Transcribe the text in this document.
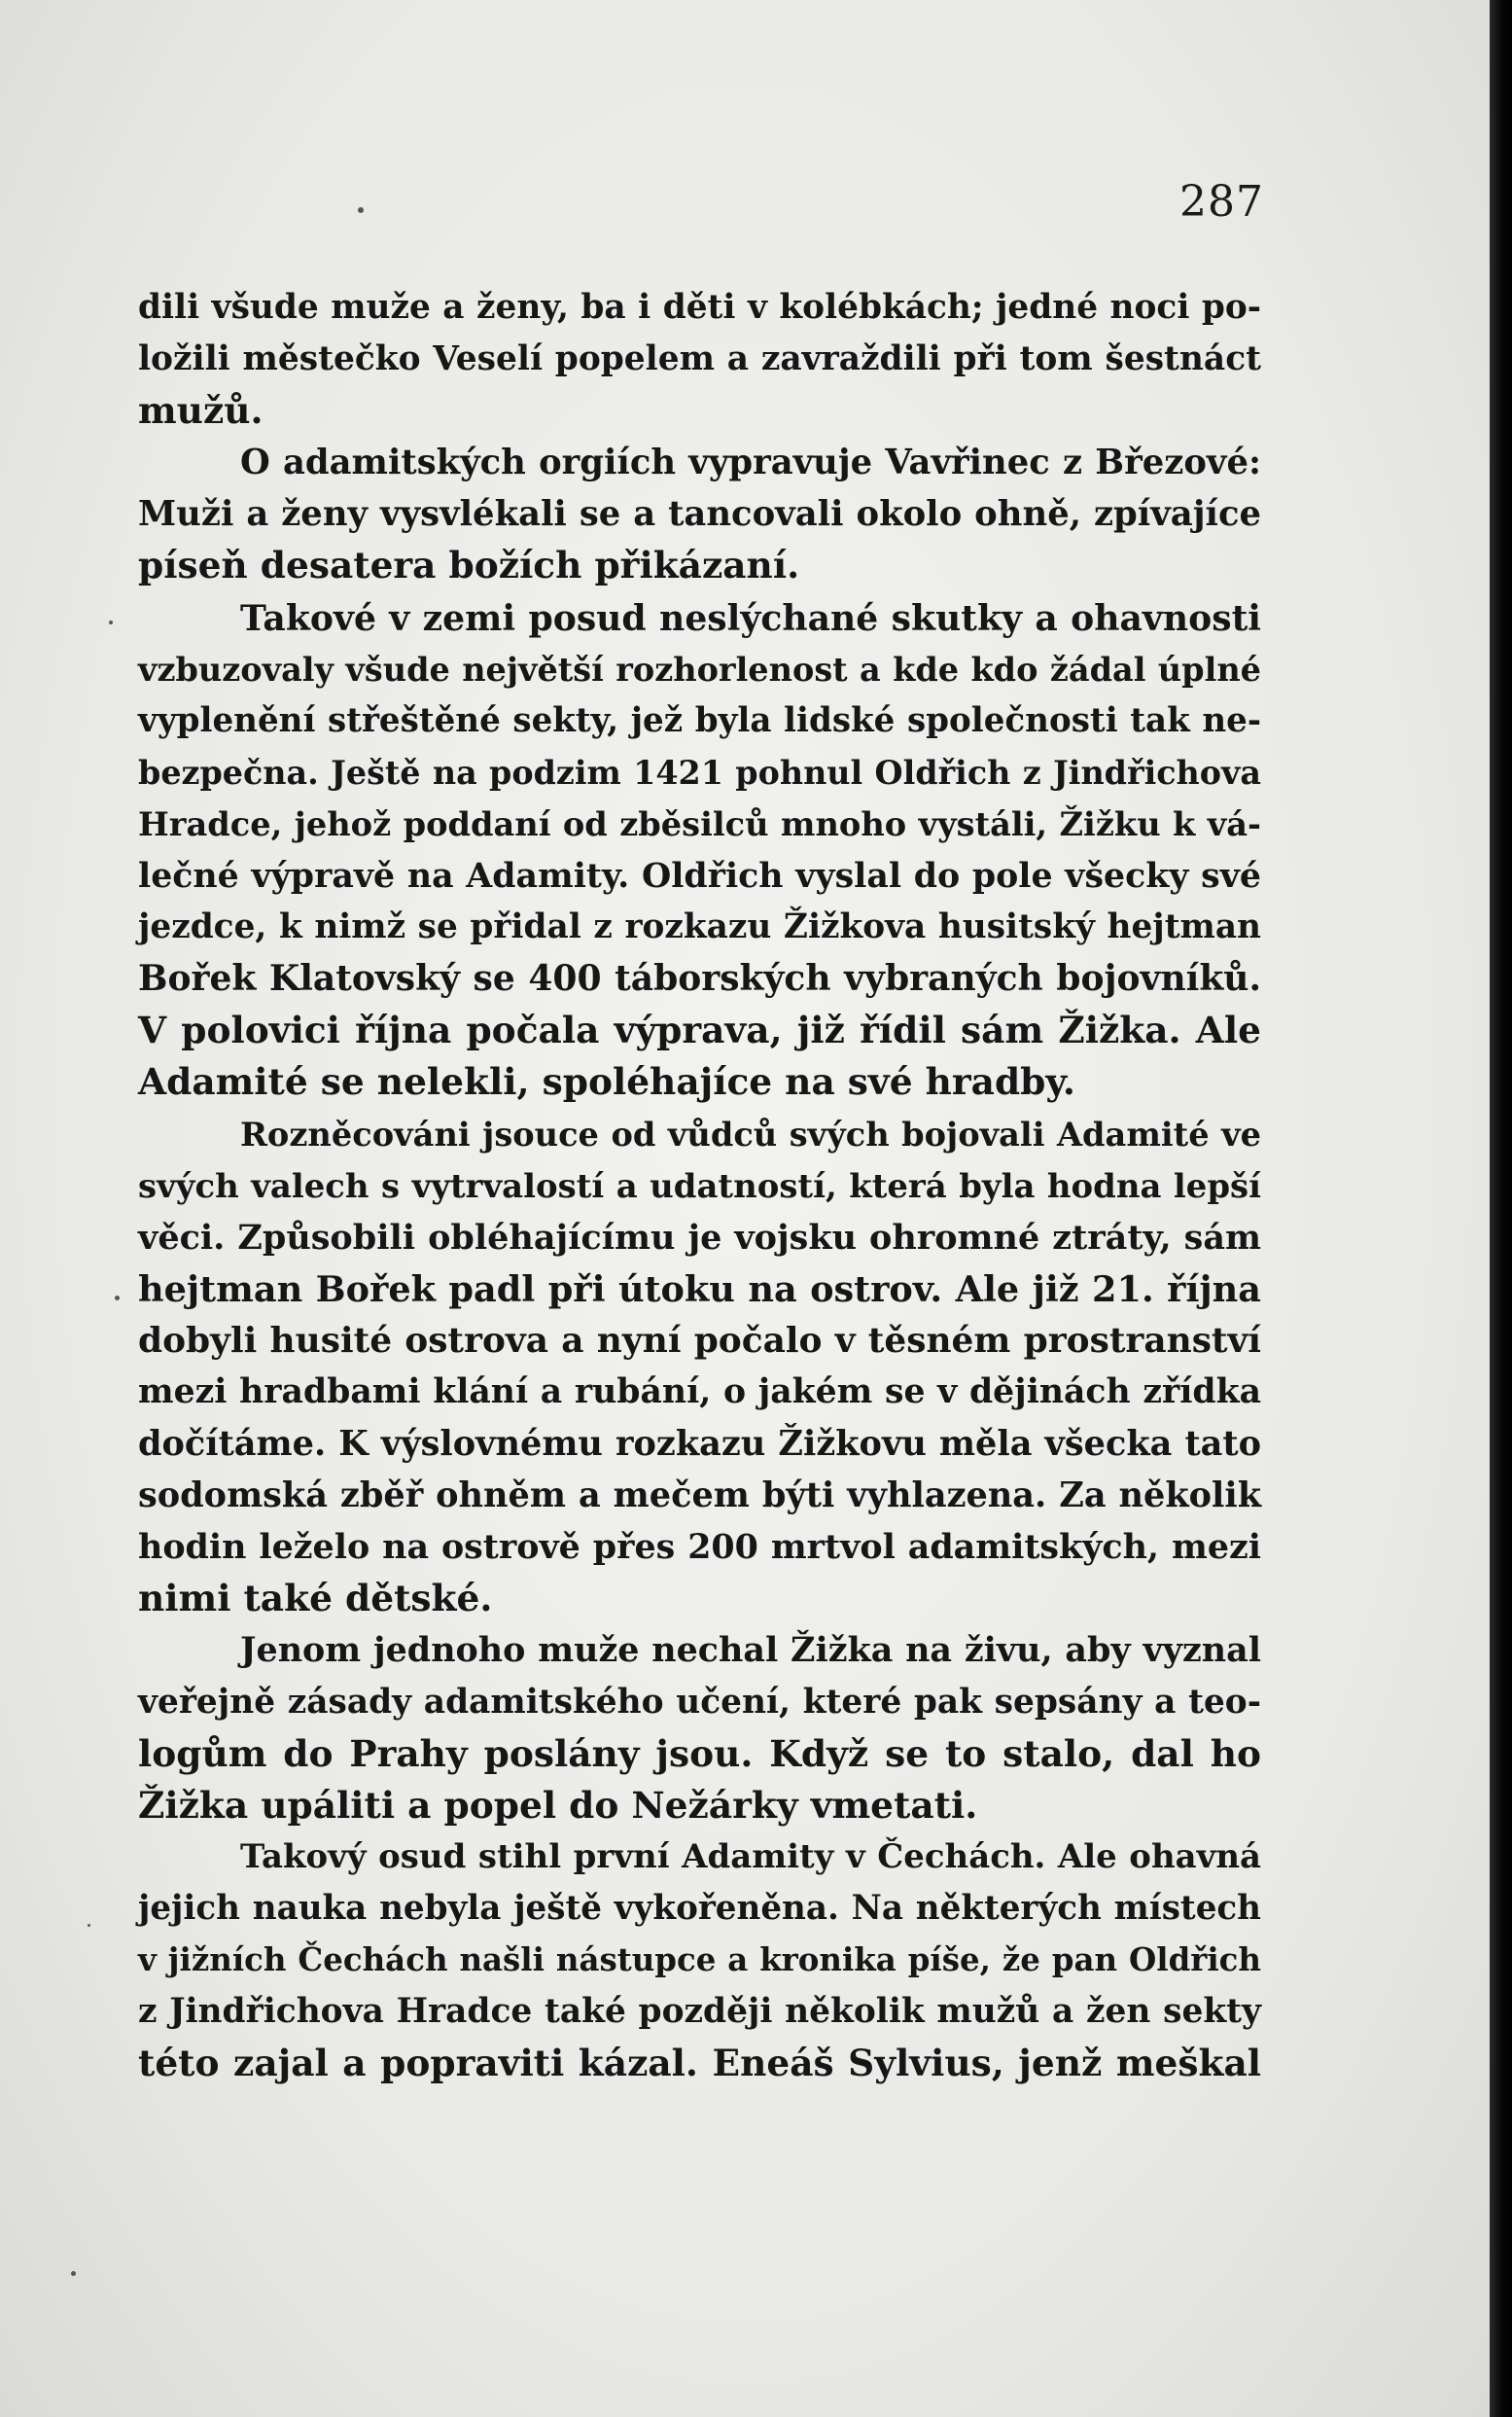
287
dili všude muže a ženy, ba i děti v kolébkách; jedné noci po-
ložili městečko Veselí popelem a zavraždili při tom šestnáct
mužů.
O adamitských orgiích vypravuje Vavřinec z Březové:
Muži a ženy vysvlékali se a tancovali okolo ohně, zpívajíce
píseň desatera božích přikázaní.
Takové v zemi posud neslýchané skutky a ohavnosti
vzbuzovaly všude největší rozhorlenost a kde kdo žádal úplné
vyplenění střeštěné sekty, jež byla lidské společnosti tak ne-
bezpečna. Ještě na podzim 1421 pohnul Oldřich z Jindřichova
Hradce, jehož poddaní od zběsilců mnoho vystáli, Žižku k vá-
lečné výpravě na Adamity. Oldřich vyslal do pole všecky své
jezdce, k nimž se přidal z rozkazu Žižkova husitský hejtman
Bořek Klatovský se 400 táborských vybraných bojovníků.
V polovici října počala výprava, již řídil sám Žižka. Ale
Adamité se nelekli, spoléhajíce na své hradby.
Rozněcováni jsouce od vůdců svých bojovali Adamité ve
svých valech s vytrvalostí a udatností, která byla hodna lepší
věci. Způsobili obléhajícímu je vojsku ohromné ztráty, sám
hejtman Bořek padl při útoku na ostrov. Ale již 21. října
dobyli husité ostrova a nyní počalo v těsném prostranství
mezi hradbami klání a rubání, o jakém se v dějinách zřídka
dočítáme. K výslovnému rozkazu Žižkovu měla všecka tato
sodomská zběř ohněm a mečem býti vyhlazena. Za několik
hodin leželo na ostrově přes 200 mrtvol adamitských, mezi
nimi také dětské.
Jenom jednoho muže nechal Žižka na živu, aby vyznal
veřejně zásady adamitského učení, které pak sepsány a teo-
logům do Prahy poslány jsou. Když se to stalo, dal ho
Žižka upáliti a popel do Nežárky vmetati.
Takový osud stihl první Adamity v Čechách. Ale ohavná
jejich nauka nebyla ještě vykořeněna. Na některých místech
v jižních Čechách našli nástupce a kronika píše, že pan Oldřich
z Jindřichova Hradce také později několik mužů a žen sekty
této zajal a popraviti kázal. Eneáš Sylvius, jenž meškal
